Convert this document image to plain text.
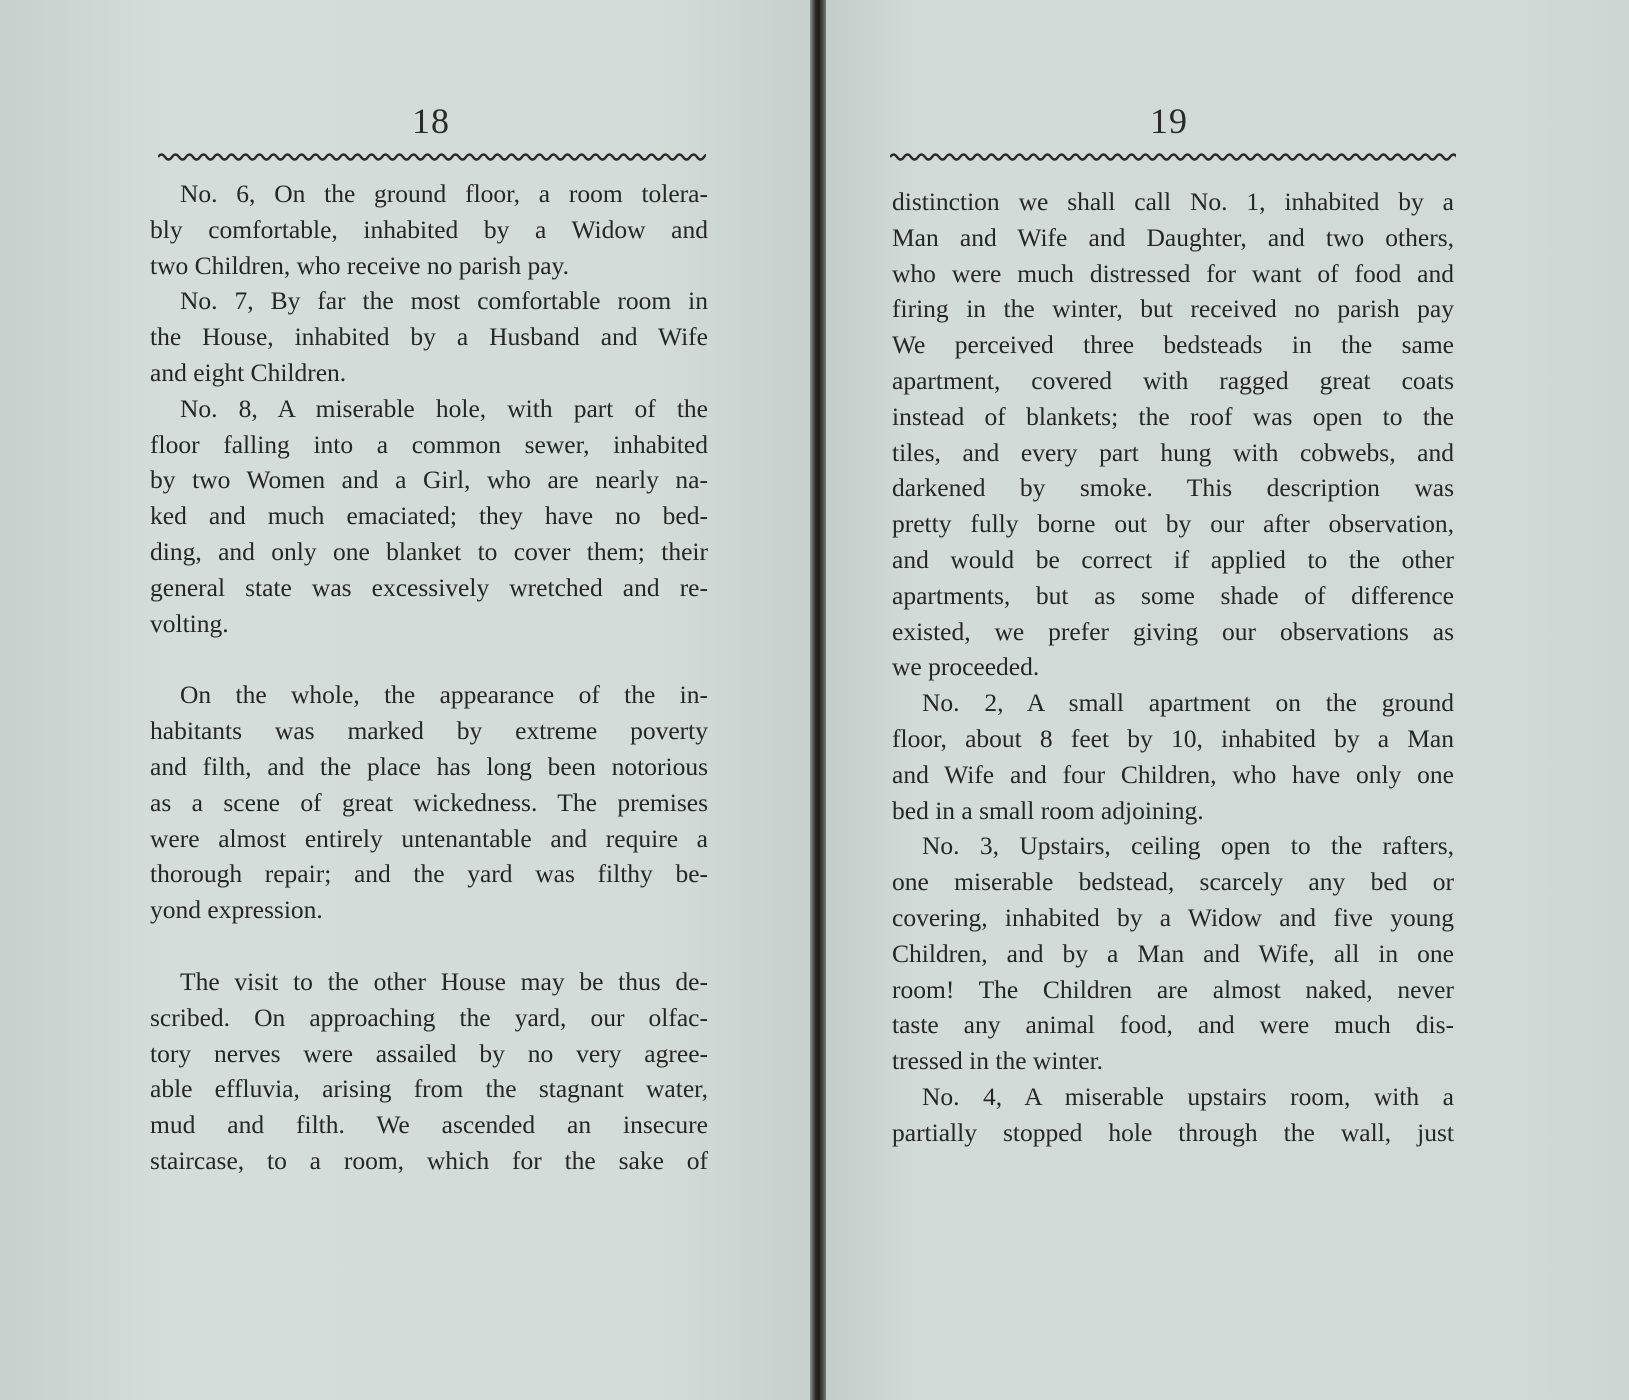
18

No. 6, On the ground floor, a room tolera-

bly comfortable, inhabited by a Widow and

two Children, who receive no parish pay.

No. 7, By far the most comfortable room in

the House, inhabited by a Husband and Wife

and eight Children.

No. 8, A miserable hole, with part of the

floor falling into a common sewer, inhabited

by two Women and a Girl, who are nearly na-

ked and much emaciated; they have no bed-

ding, and only one blanket to cover them; their

general state was excessively wretched and re-

volting.

On the whole, the appearance of the in-

habitants was marked by extreme poverty

and filth, and the place has long been notorious

as a scene of great wickedness. The premises

were almost entirely untenantable and require a

thorough repair; and the yard was filthy be-

yond expression.

The visit to the other House may be thus de-

scribed. On approaching the yard, our olfac-

tory nerves were assailed by no very agree-

able effluvia, arising from the stagnant water,

mud and filth. We ascended an insecure

staircase, to a room, which for the sake of

19

distinction we shall call No. 1, inhabited by a

Man and Wife and Daughter, and two others,

who were much distressed for want of food and

firing in the winter, but received no parish pay

We perceived three bedsteads in the same

apartment, covered with ragged great coats

instead of blankets; the roof was open to the

tiles, and every part hung with cobwebs, and

darkened by smoke. This description was

pretty fully borne out by our after observation,

and would be correct if applied to the other

apartments, but as some shade of difference

existed, we prefer giving our observations as

we proceeded.

No. 2, A small apartment on the ground

floor, about 8 feet by 10, inhabited by a Man

and Wife and four Children, who have only one

bed in a small room adjoining.

No. 3, Upstairs, ceiling open to the rafters,

one miserable bedstead, scarcely any bed or

covering, inhabited by a Widow and five young

Children, and by a Man and Wife, all in one

room! The Children are almost naked, never

taste any animal food, and were much dis-

tressed in the winter.

No. 4, A miserable upstairs room, with a

partially stopped hole through the wall, just
